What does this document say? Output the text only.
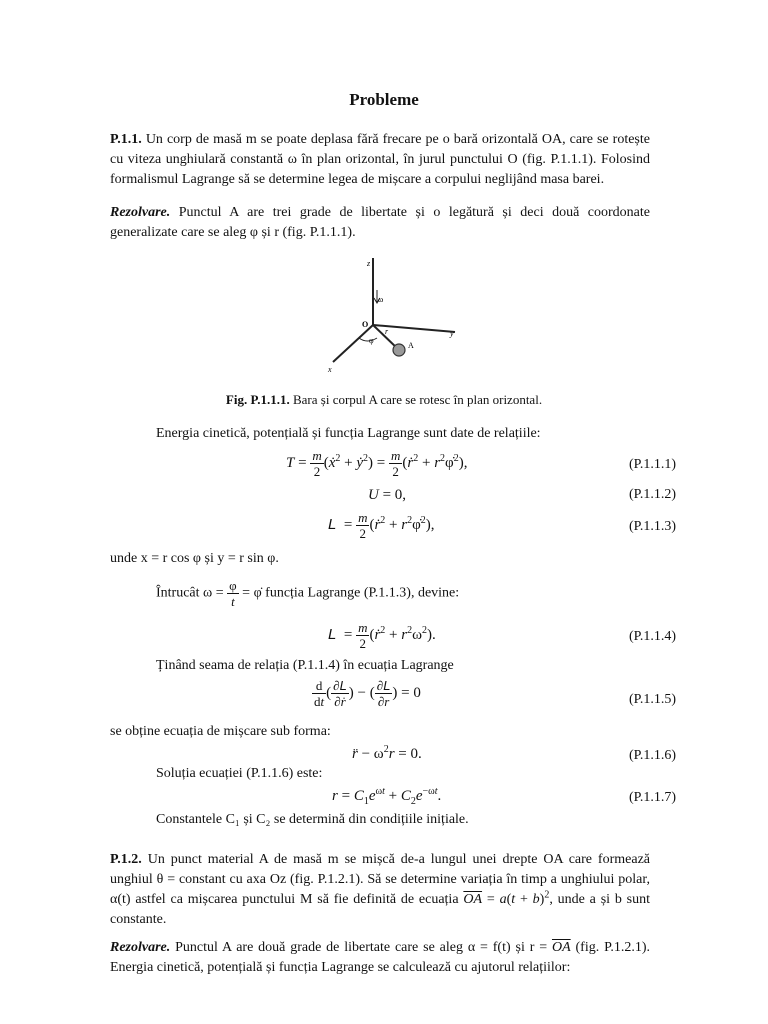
Probleme

P.1.1. Un corp de masă m se poate deplasa fără frecare pe o bară orizontală OA, care se rotește cu viteza unghiulară constantă ω în plan orizontal, în jurul punctului O (fig. P.1.1.1). Folosind formalismul Lagrange să se determine legea de mișcare a corpului neglijând masa barei.

Rezolvare. Punctul A are trei grade de libertate și o legătură și deci două coordonate generalizate care se aleg φ și r (fig. P.1.1.1).

z
ω
O
r	y
φ
A
x
Fig. P.1.1.1. Bara și corpul A care se rotesc în plan orizontal.
Energia cinetică, potențială și funcția Lagrange sunt date de relațiile:
$T = \frac{m}{2}$ (ẋ$^2$ + ẏ$^2$) = $\frac{m}{2}$ (ṙ$^2$ + $r^2\varphi̇^2$),	(P.1.1.1)
U = 0,	(P.1.1.2)
$L = \frac{m}{2}$ (ṙ$^2$ + $r^2\varphi̇^2$),	(P.1.1.3)
unde x = r cos φ și y = r sin φ.
Întrucât $\omega = \frac{\varphi}{t}$ = φ̇ funcția Lagrange (P.1.1.3), devine:
$L = \frac{m}{2}$ (ṙ$^2$ + $r^2\omega^2$).	(P.1.1.4)
Ținând seama de relația (P.1.1.4) în ecuația Lagrange
$\frac{d}{dt}$ ( $\frac{\partial L}{\text{∂ṙ}}$ ) − ( $\frac{\partial L}{\partial r}$ ) = 0	(P.1.1.5)
se obține ecuația de mișcare sub forma:
r̈ − $\omega^2r = 0$.	(P.1.1.6)
Soluția ecuației (P.1.1.6) este:
$r = C_1e^{\omega t} + C_2e^{-\omega t}$.	(P.1.1.7)
Constantele C₁ și C₂ se determină din condițiile inițiale.

P.1.2. Un punct material A de masă m se mișcă de-a lungul unei drepte OA care formează unghiul θ = constant cu axa Oz (fig. P.1.2.1). Să se determine variația în timp a unghiului polar, α(t) astfel ca mișcarea punctului M să fie definită de ecuația $\overline{OA} = a(t + b)^2$, unde a și b sunt constante.

Rezolvare. Punctul A are două grade de libertate care se aleg α = f(t) și $r = \overline{OA}$ (fig. P.1.2.1). Energia cinetică, potențială și funcția Lagrange se calculează cu ajutorul relațiilor:
